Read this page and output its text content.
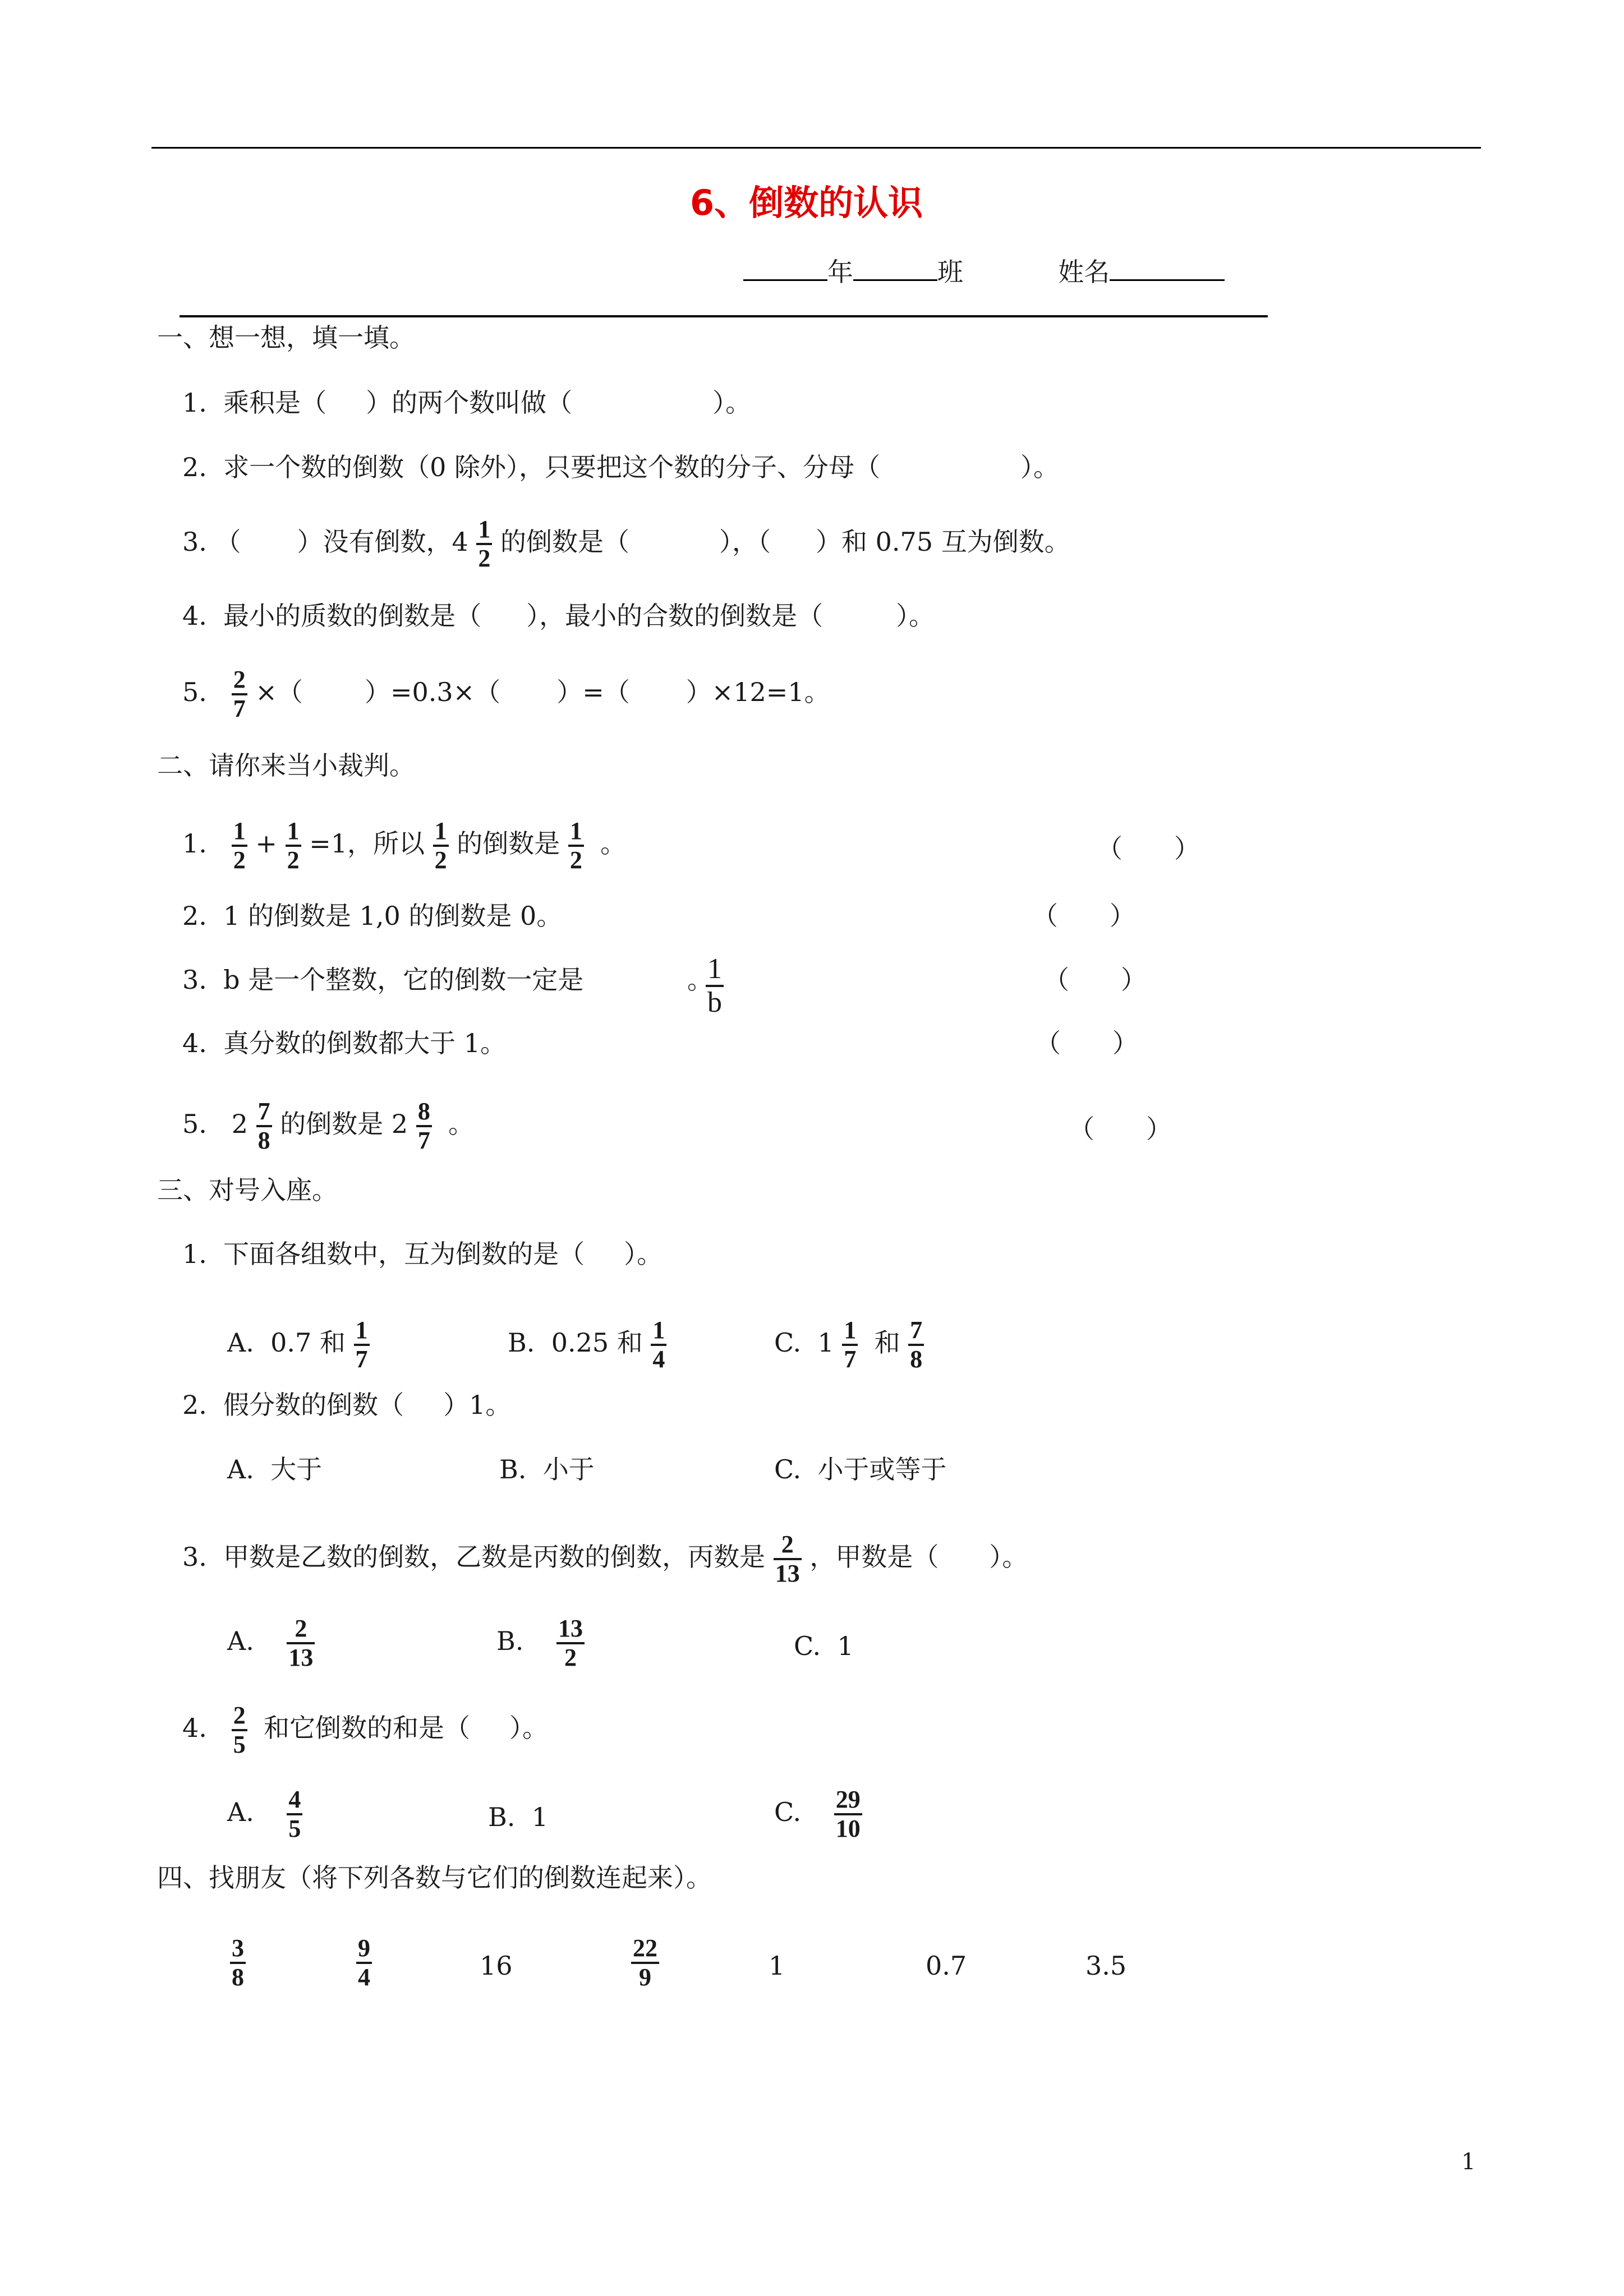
6、倒数的认识
年	班	姓名
一、想一想，填一填。
1. 乘积是（ ）的两个数叫做（	）。
2. 求一个数的倒数（0 除外），只要把这个数的分子、分母（	）。
3. （ ）没有倒数，$4 \frac{1}{2}$ 的倒数是（	），（ ）和 0.75 互为倒数。
4. 最小的质数的倒数是（ ），最小的合数的倒数是（	）。
5. $\frac{2}{7}$ ×（ ）=0.3×（ ）=（ ）×12=1。
二、请你来当小裁判。
1. $\frac{1}{2} + \frac{1}{2} =1$，所以 $\frac{1}{2}$ 的倒数是 $\frac{1}{2}$ 。	（　　）
2. 1 的倒数是 1,0 的倒数是 0。	（　　）
3. b 是一个整数，它的倒数一定是	。
$\frac{1}{b}$	（　　）
4. 真分数的倒数都大于 1。	（　　）
5. $2 \frac{7}{8}$ 的倒数是 $2 \frac{8}{7}$ 。	（　　）
三、对号入座。
1. 下面各组数中，互为倒数的是（ ）。
A. 0.7 和 $\frac{1}{7}$	B. 0.25 和 $\frac{1}{4}$	C. $1 \frac{1}{7}$ 和 $\frac{7}{8}$
2. 假分数的倒数（ ）1。
A. 大于	B. 小于	C. 小于或等于
3. 甲数是乙数的倒数，乙数是丙数的倒数，丙数是 $\frac{2}{13}$ ，甲数是（ ）。
A. $\frac{2}{13}$	B. $\frac{13}{2}$	C. 1
4. $\frac{2}{5}$ 和它倒数的和是（ ）。
A. $\frac{4}{5}$	B. 1	C. $\frac{29}{10}$
四、找朋友（将下列各数与它们的倒数连起来）。
$\frac{3}{8}$	$\frac{9}{4}$	16	$\frac{22}{9}$	1	0.7	3.5
1
